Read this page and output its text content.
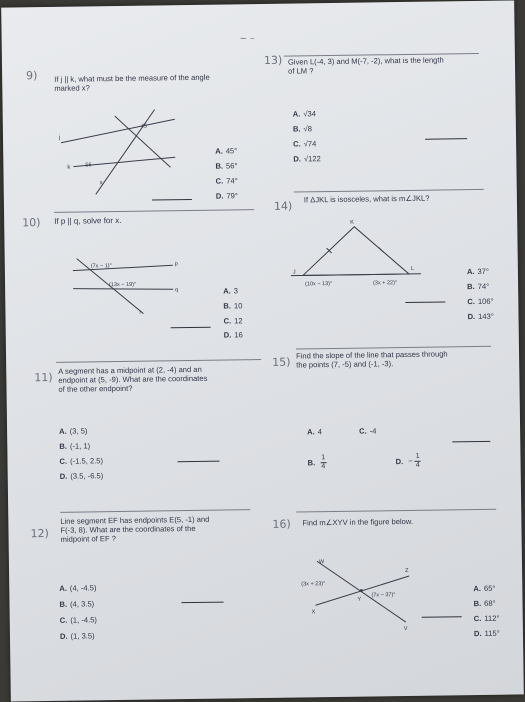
~ –
9) If j || k, what must be the measure of the angle
marked x?
j
k
45
56
x
A. 45°
B. 56°
C. 74°
D. 79°
10) If p || q, solve for x.
(7x − 1)°
(13x − 19)°
p
q
r
A. 3
B. 10
C. 12
D. 16
11)
A segment has a midpoint at (2, -4) and an
endpoint at (5, -9). What are the coordinates
of the other endpoint?
A. (3, 5)
B. (-1, 1)
C. (-1.5, 2.5)
D. (3.5, -6.5)
12)
Line segment EF has endpoints E(5, -1) and
F(-3, 8). What are the coordinates of the
midpoint of EF ?
A. (4, -4.5)
B. (4, 3.5)
C. (1, -4.5)
D. (1, 3.5)
13) Given L(-4, 3) and M(-7, -2), what is the length
of LM ?
A. √34
B. √8
C. √74
D. √122
14)
If ΔJKL is isosceles, what is m∠JKL?
K
J
L
(10x − 13)°	(3x + 22)°
A. 37°
B. 74°
C. 106°
D. 143°
15)
Find the slope of the line that passes through
the points (7, -5) and (-1, -3).
A. 4	C. -4
B. $\frac{1}{4}$	D. − $\frac{1}{4}$
16) Find m∠XYV in the figure below.
W
Z
X
Y
V
(3x + 23)°
(7x − 37)°
A. 65°
B. 68°
C. 112°
D. 115°
